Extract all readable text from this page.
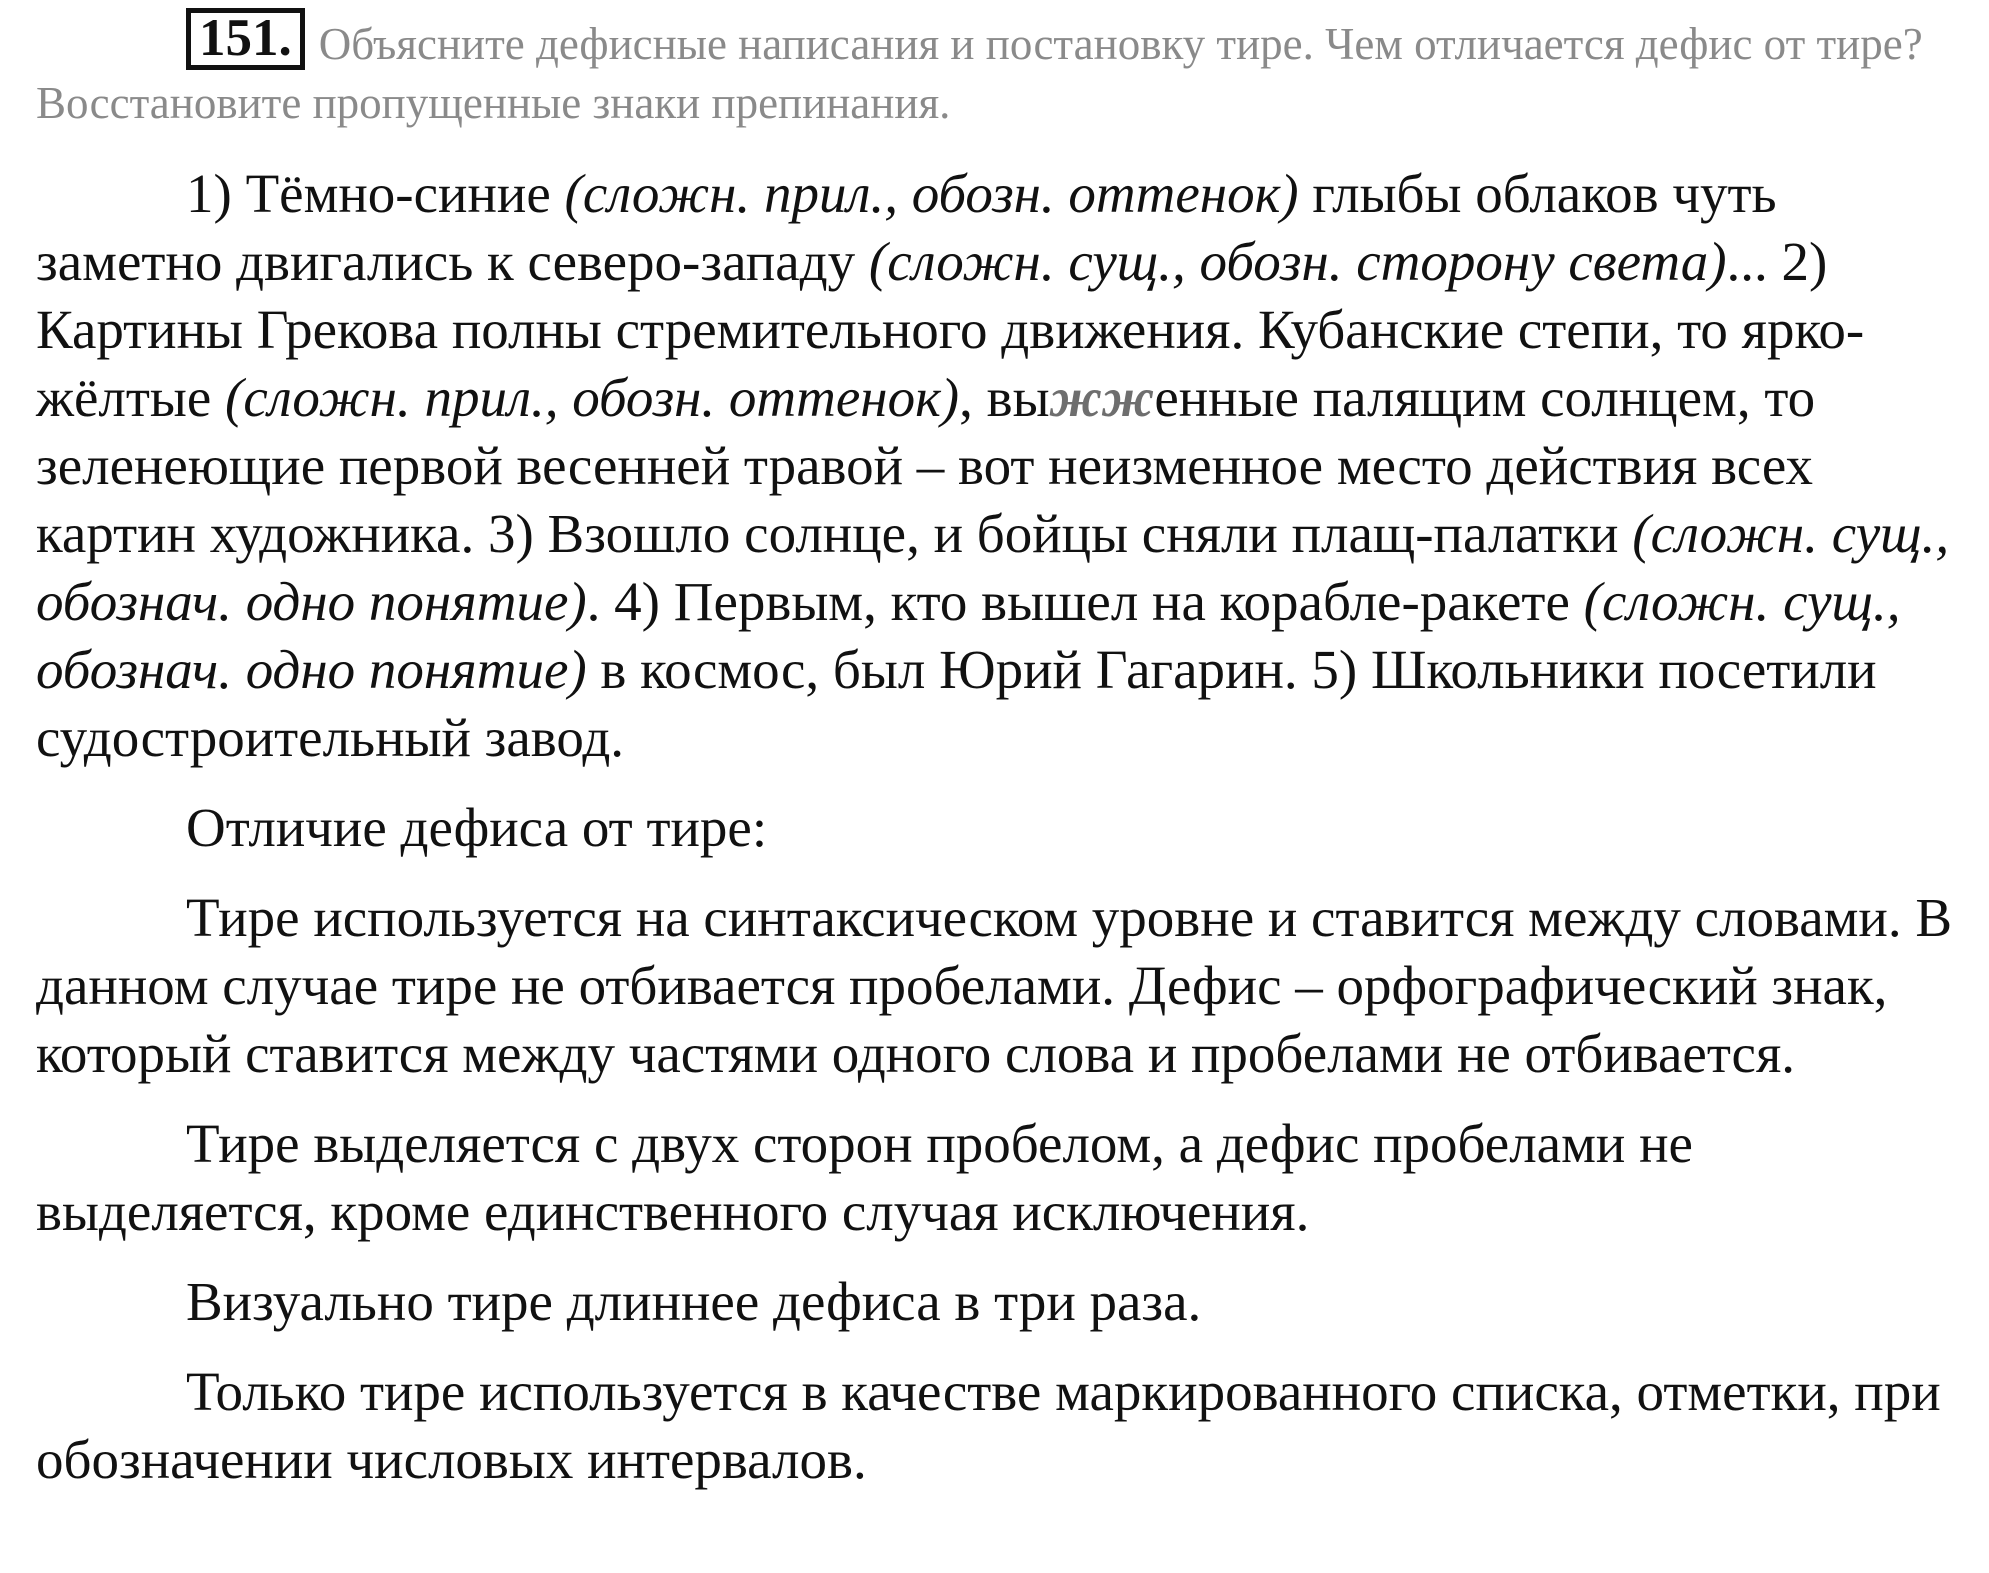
151. Объясните дефисные написания и постановку тире. Чем отличается дефис от тире? Восстановите пропущенные знаки препинания.

1) Тёмно-синие (сложн. прил., обозн. оттенок) глыбы облаков чуть заметно двигались к северо-западу (сложн. сущ., обозн. сторону света)... 2) Картины Грекова полны стремительного движения. Кубанские степи, то ярко-жёлтые (сложн. прил., обозн. оттенок), выжженные палящим солнцем, то зеленеющие первой весенней травой – вот неизменное место действия всех картин художника. 3) Взошло солнце, и бойцы сняли плащ-палатки (сложн. сущ., обознач. одно понятие). 4) Первым, кто вышел на корабле-ракете (сложн. сущ., обознач. одно понятие) в космос, был Юрий Гагарин. 5) Школьники посетили судостроительный завод.

Отличие дефиса от тире:

Тире используется на синтаксическом уровне и ставится между словами. В данном случае тире не отбивается пробелами. Дефис – орфографический знак, который ставится между частями одного слова и пробелами не отбивается.

Тире выделяется с двух сторон пробелом, а дефис пробелами не выделяется, кроме единственного случая исключения.

Визуально тире длиннее дефиса в три раза.

Только тире используется в качестве маркированного списка, отметки, при обозначении числовых интервалов.
